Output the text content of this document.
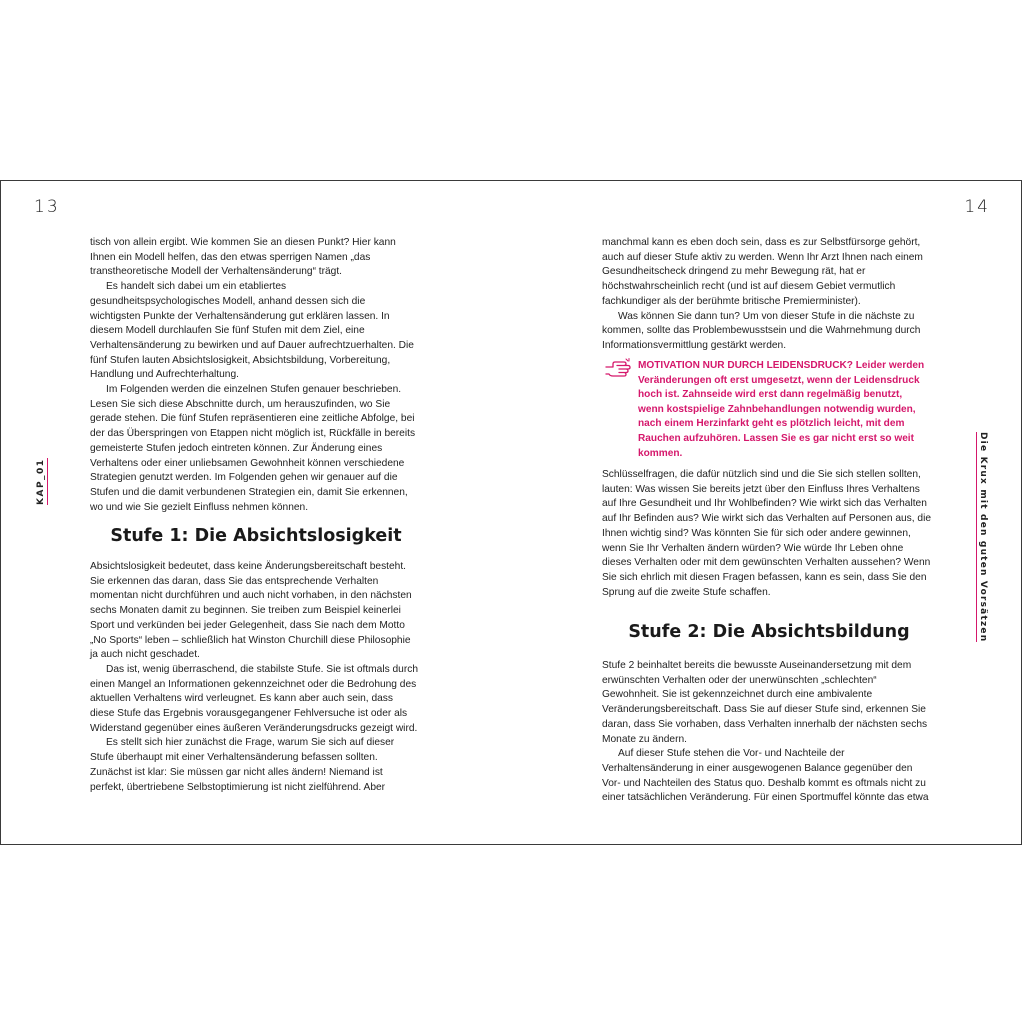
13	14
KAP_01	Die Krux mit den guten Vorsätzen

tisch von allein ergibt. Wie kommen Sie an diesen Punkt? Hier kann Ihnen ein Modell helfen, das den etwas sperrigen Namen „das transtheoretische Modell der Verhaltensänderung“ trägt.

Es handelt sich dabei um ein etabliertes gesundheitspsychologisches Modell, anhand dessen sich die wichtigsten Punkte der Verhaltensänderung gut erklären lassen. In diesem Modell durchlaufen Sie fünf Stufen mit dem Ziel, eine Verhaltensänderung zu bewirken und auf Dauer aufrechtzuerhalten. Die fünf Stufen lauten Absichtslosigkeit, Absichtsbildung, Vorbereitung, Handlung und Aufrechterhaltung.

Im Folgenden werden die einzelnen Stufen genauer beschrieben. Lesen Sie sich diese Abschnitte durch, um herauszufinden, wo Sie gerade stehen. Die fünf Stufen repräsentieren eine zeitliche Abfolge, bei der das Überspringen von Etappen nicht möglich ist, Rückfälle in bereits gemeisterte Stufen jedoch eintreten können. Zur Änderung eines Verhaltens oder einer unliebsamen Gewohnheit können verschiedene Strategien genutzt werden. Im Folgenden gehen wir genauer auf die Stufen und die damit verbundenen Strategien ein, damit Sie erkennen, wo und wie Sie gezielt Einfluss nehmen können.

Stufe 1: Die Absichtslosigkeit

Absichtslosigkeit bedeutet, dass keine Änderungsbereitschaft besteht. Sie erkennen das daran, dass Sie das entsprechende Verhalten momentan nicht durchführen und auch nicht vorhaben, in den nächsten sechs Monaten damit zu beginnen. Sie treiben zum Beispiel keinerlei Sport und verkünden bei jeder Gelegenheit, dass Sie nach dem Motto „No Sports“ leben – schließlich hat Winston Churchill diese Philosophie ja auch nicht geschadet.

Das ist, wenig überraschend, die stabilste Stufe. Sie ist oftmals durch einen Mangel an Informationen gekennzeichnet oder die Bedrohung des aktuellen Verhaltens wird verleugnet. Es kann aber auch sein, dass diese Stufe das Ergebnis vorausgegangener Fehlversuche ist oder als Widerstand gegenüber eines äußeren Veränderungsdrucks gezeigt wird.

Es stellt sich hier zunächst die Frage, warum Sie sich auf dieser Stufe überhaupt mit einer Verhaltensänderung befassen sollten. Zunächst ist klar: Sie müssen gar nicht alles ändern! Niemand ist perfekt, übertriebene Selbstoptimierung ist nicht zielführend. Aber

manchmal kann es eben doch sein, dass es zur Selbstfürsorge gehört, auch auf dieser Stufe aktiv zu werden. Wenn Ihr Arzt Ihnen nach einem Gesundheitscheck dringend zu mehr Bewegung rät, hat er höchstwahrscheinlich recht (und ist auf diesem Gebiet vermutlich fachkundiger als der berühmte britische Premierminister).

Was können Sie dann tun? Um von dieser Stufe in die nächste zu kommen, sollte das Problembewusstsein und die Wahrnehmung durch Informationsvermittlung gestärkt werden.

MOTIVATION NUR DURCH LEIDENSDRUCK? Leider werden Veränderungen oft erst umgesetzt, wenn der Leidensdruck hoch ist. Zahnseide wird erst dann regelmäßig benutzt, wenn kostspielige Zahnbehandlungen notwendig wurden, nach einem Herzinfarkt geht es plötzlich leicht, mit dem Rauchen aufzuhören. Lassen Sie es gar nicht erst so weit kommen.

Schlüsselfragen, die dafür nützlich sind und die Sie sich stellen sollten, lauten: Was wissen Sie bereits jetzt über den Einfluss Ihres Verhaltens auf Ihre Gesundheit und Ihr Wohlbefinden? Wie wirkt sich das Verhalten auf Ihr Befinden aus? Wie wirkt sich das Verhalten auf Personen aus, die Ihnen wichtig sind? Was könnten Sie für sich oder andere gewinnen, wenn Sie Ihr Verhalten ändern würden? Wie würde Ihr Leben ohne dieses Verhalten oder mit dem gewünschten Verhalten aussehen? Wenn Sie sich ehrlich mit diesen Fragen befassen, kann es sein, dass Sie den Sprung auf die zweite Stufe schaffen.

Stufe 2: Die Absichtsbildung

Stufe 2 beinhaltet bereits die bewusste Auseinandersetzung mit dem erwünschten Verhalten oder der unerwünschten „schlechten“ Gewohnheit. Sie ist gekennzeichnet durch eine ambivalente Veränderungsbereitschaft. Dass Sie auf dieser Stufe sind, erkennen Sie daran, dass Sie vorhaben, dass Verhalten innerhalb der nächsten sechs Monate zu ändern.

Auf dieser Stufe stehen die Vor- und Nachteile der Verhaltensänderung in einer ausgewogenen Balance gegenüber den Vor- und Nachteilen des Status quo. Deshalb kommt es oftmals nicht zu einer tatsächlichen Veränderung. Für einen Sportmuffel könnte das etwa
